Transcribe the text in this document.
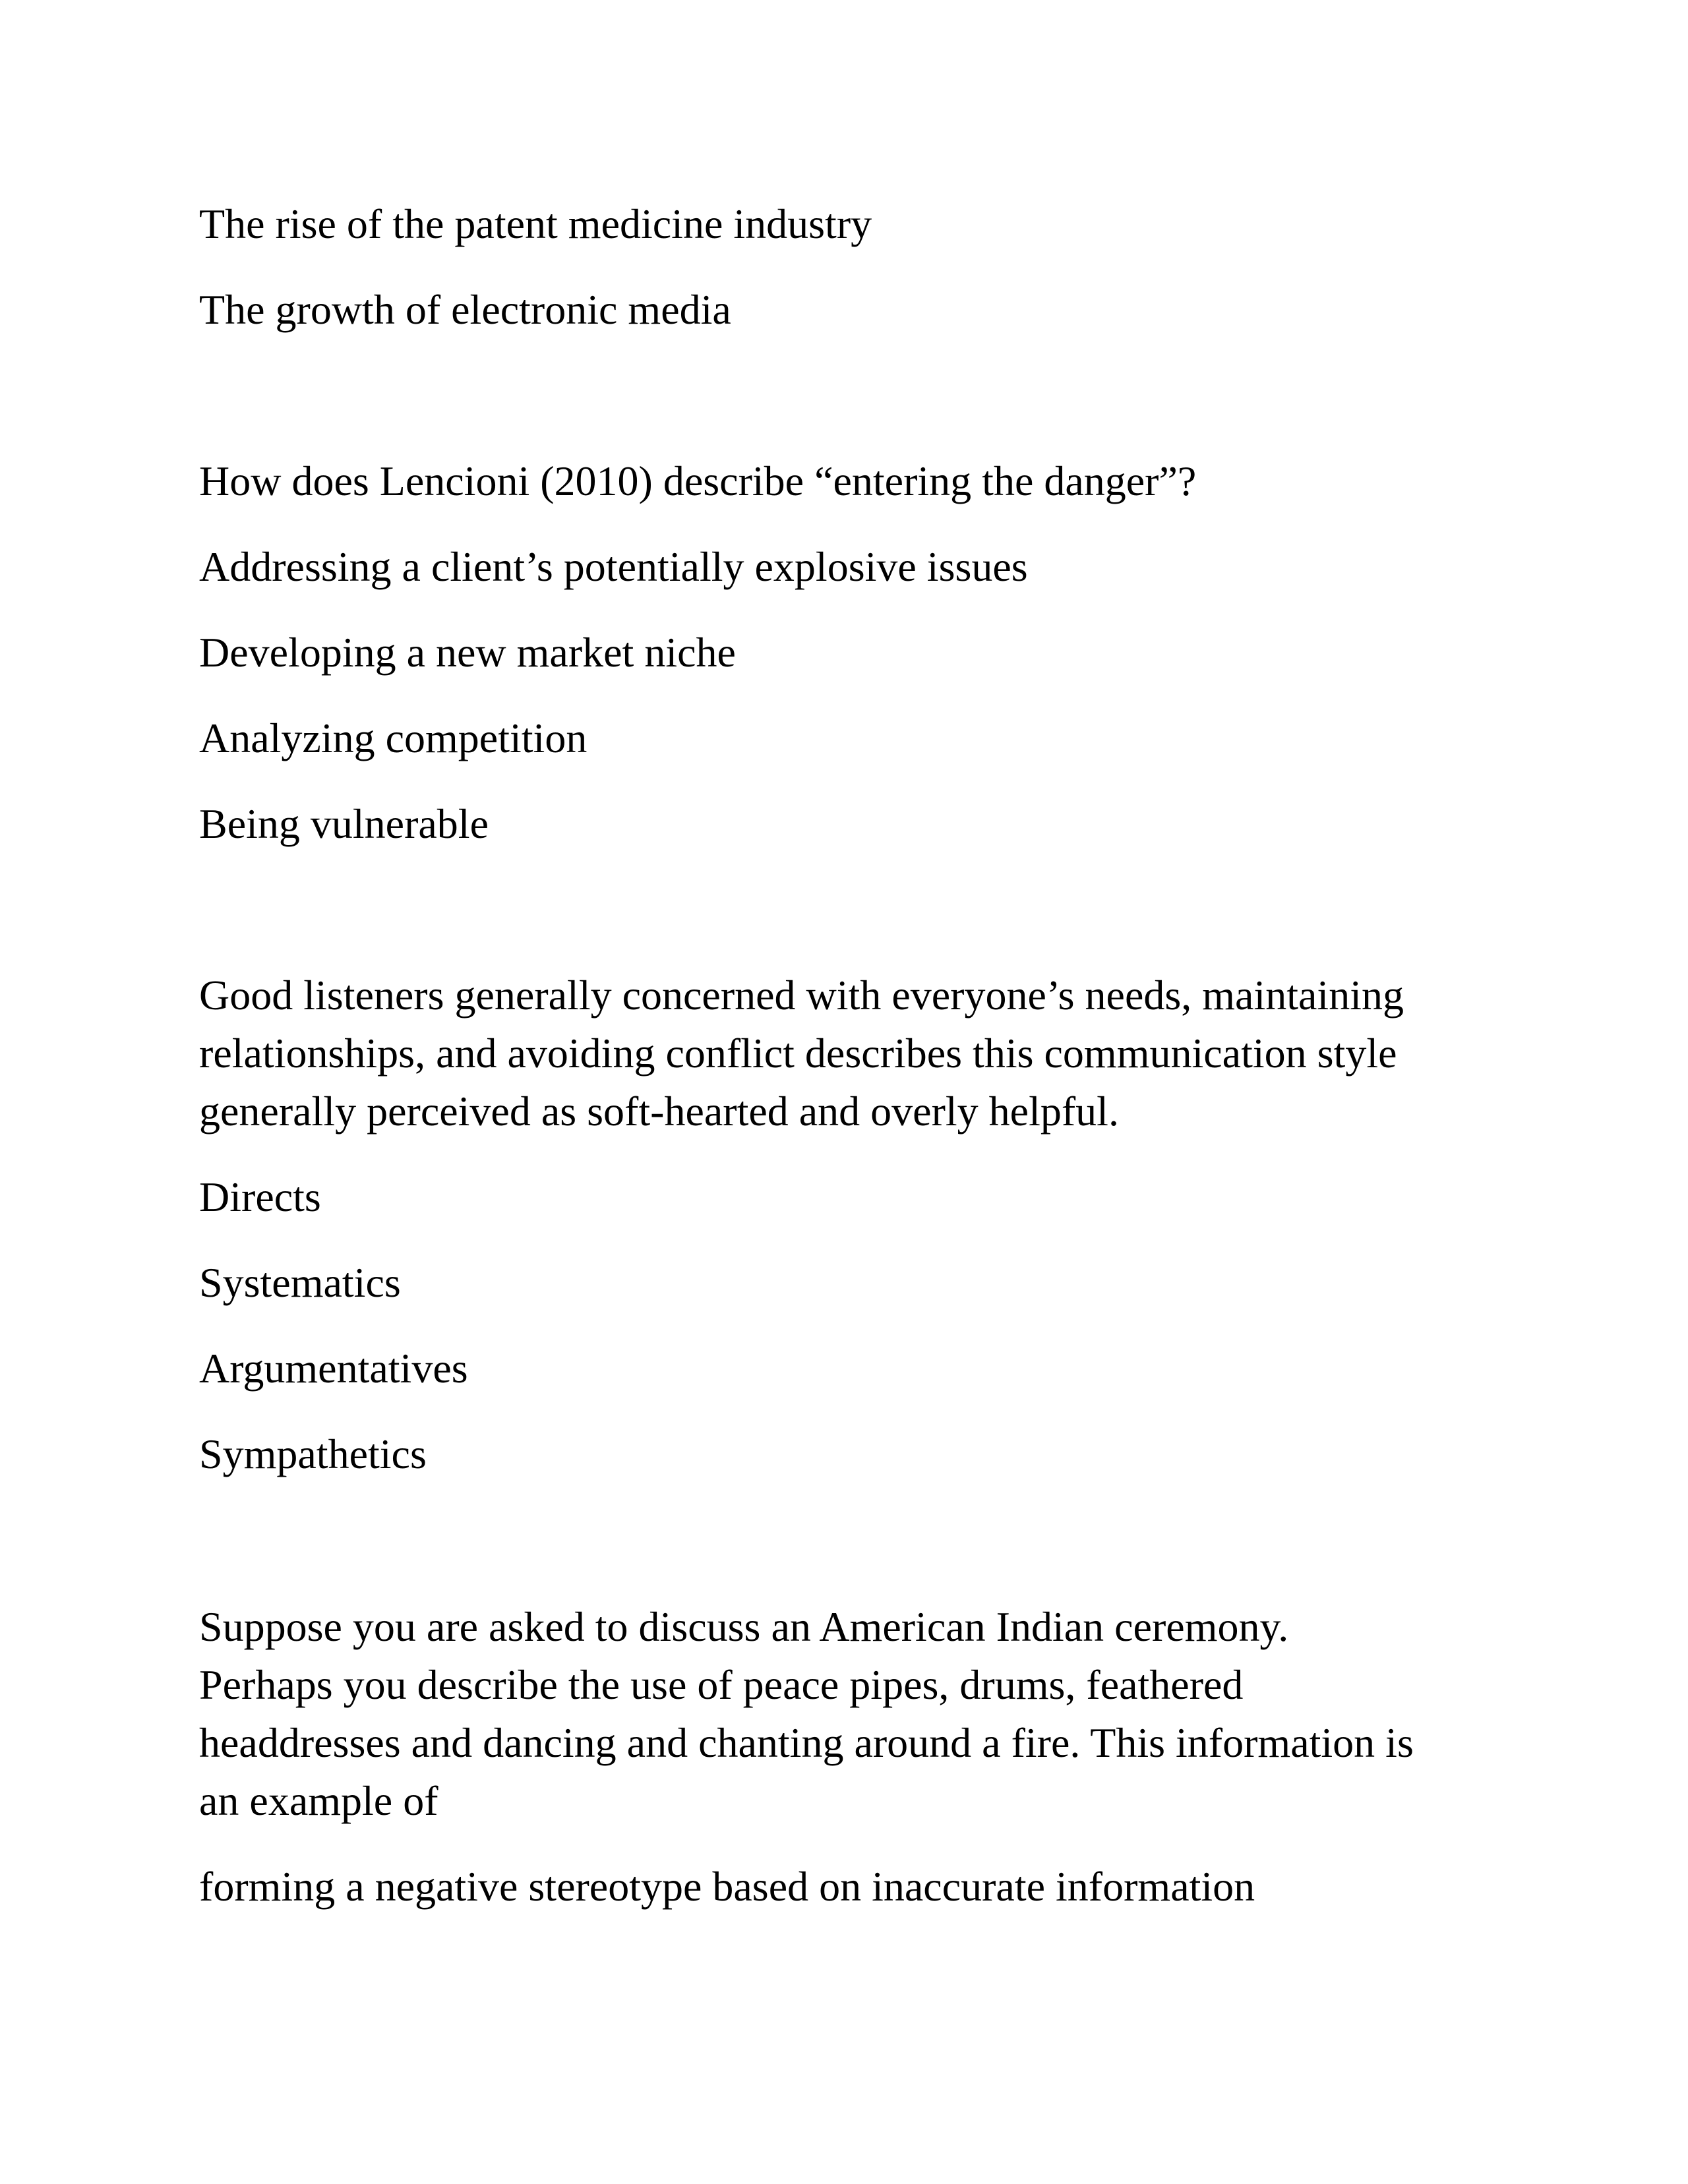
The rise of the patent medicine industry

The growth of electronic media

How does Lencioni (2010) describe “entering the danger”?

Addressing a client’s potentially explosive issues

Developing a new market niche

Analyzing competition

Being vulnerable

Good listeners generally concerned with everyone’s needs, maintaining

relationships, and avoiding conflict describes this communication style

generally perceived as soft-hearted and overly helpful.

Directs

Systematics

Argumentatives

Sympathetics

Suppose you are asked to discuss an American Indian ceremony.

Perhaps you describe the use of peace pipes, drums, feathered

headdresses and dancing and chanting around a fire. This information is

an example of

forming a negative stereotype based on inaccurate information
